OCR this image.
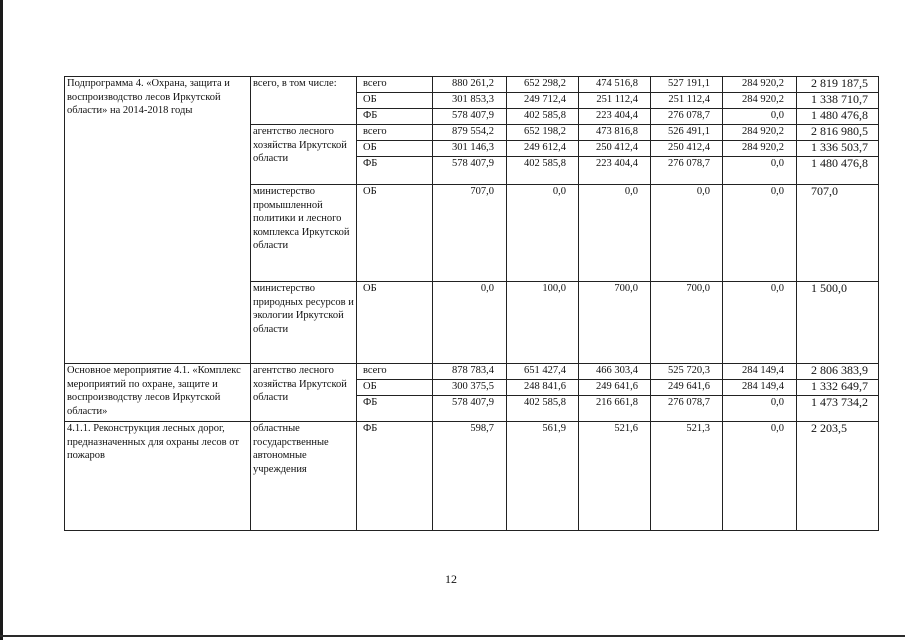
Подпрограмма 4. «Охрана, защита и воспроизводство лесов Иркутской области» на 2014-2018 годы	всего, в том числе:	всего	880 261,2	652 298,2	474 516,8	527 191,1	284 920,2	2 819 187,5
		ОБ	301 853,3	249 712,4	251 112,4	251 112,4	284 920,2	1 338 710,7
		ФБ	578 407,9	402 585,8	223 404,4	276 078,7	0,0	1 480 476,8
	агентство лесного хозяйства Иркутской области	всего	879 554,2	652 198,2	473 816,8	526 491,1	284 920,2	2 816 980,5
		ОБ	301 146,3	249 612,4	250 412,4	250 412,4	284 920,2	1 336 503,7
		ФБ	578 407,9	402 585,8	223 404,4	276 078,7	0,0	1 480 476,8
	министерство промышленной политики и лесного комплекса Иркутской области	ОБ	707,0	0,0	0,0	0,0	0,0	707,0
	министерство природных ресурсов и экологии Иркутской области	ОБ	0,0	100,0	700,0	700,0	0,0	1 500,0
Основное мероприятие 4.1. «Комплекс мероприятий по охране, защите и воспроизводству лесов Иркутской области»	агентство лесного хозяйства Иркутской области	всего	878 783,4	651 427,4	466 303,4	525 720,3	284 149,4	2 806 383,9
		ОБ	300 375,5	248 841,6	249 641,6	249 641,6	284 149,4	1 332 649,7
		ФБ	578 407,9	402 585,8	216 661,8	276 078,7	0,0	1 473 734,2
4.1.1. Реконструкция лесных дорог, предназначенных для охраны лесов от пожаров	областные государственные автономные учреждения	ФБ	598,7	561,9	521,6	521,3	0,0	2 203,5
12
